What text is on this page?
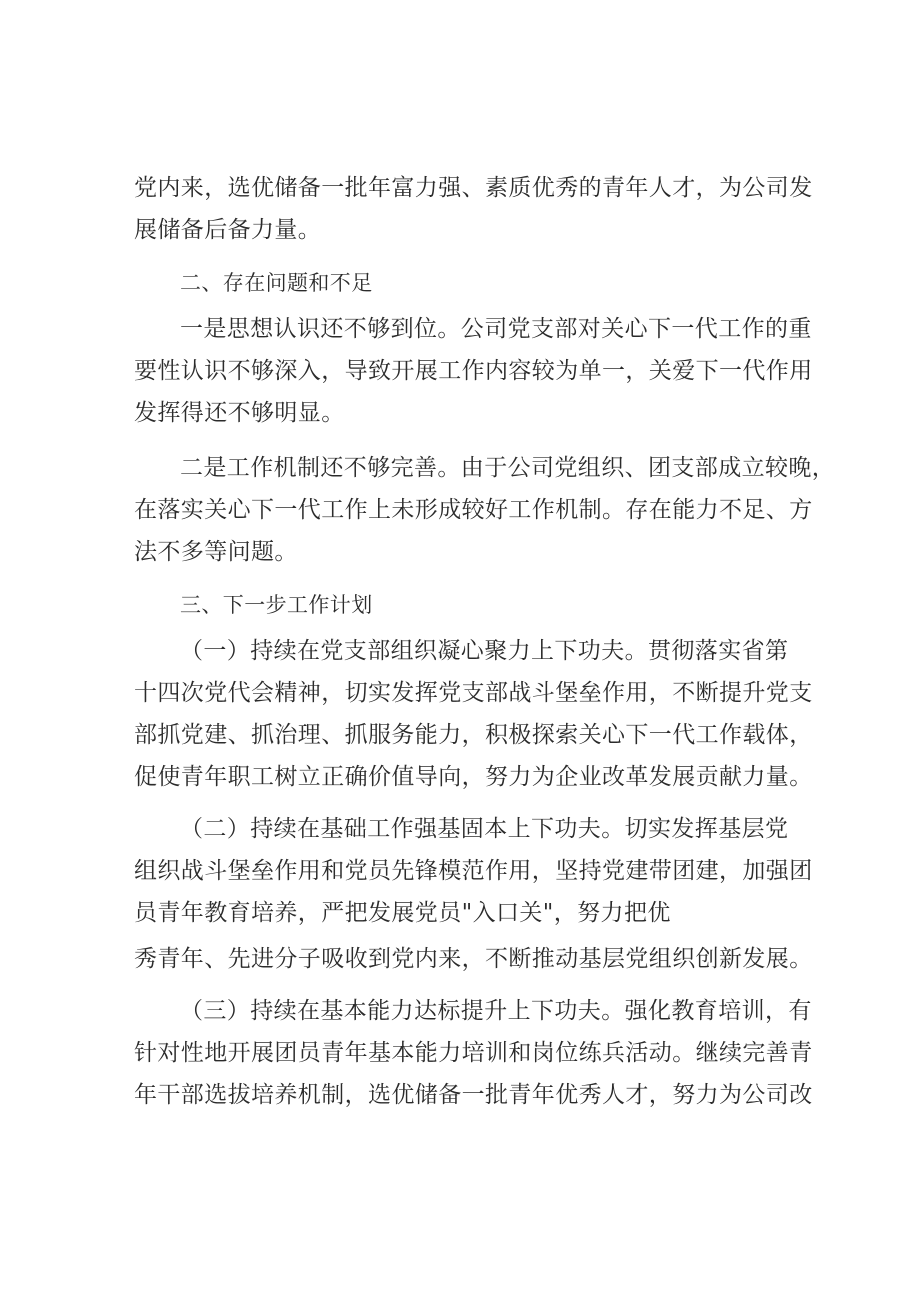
党内来，选优储备一批年富力强、素质优秀的青年人才，为公司发
展储备后备力量。
二、存在问题和不足
一是思想认识还不够到位。公司党支部对关心下一代工作的重
要性认识不够深入，导致开展工作内容较为单一，关爱下一代作用
发挥得还不够明显。
二是工作机制还不够完善。由于公司党组织、团支部成立较晚，
在落实关心下一代工作上未形成较好工作机制。存在能力不足、方
法不多等问题。
三、下一步工作计划
（一）持续在党支部组织凝心聚力上下功夫。贯彻落实省第
十四次党代会精神，切实发挥党支部战斗堡垒作用，不断提升党支
部抓党建、抓治理、抓服务能力，积极探索关心下一代工作载体，
促使青年职工树立正确价值导向，努力为企业改革发展贡献力量。
（二）持续在基础工作强基固本上下功夫。切实发挥基层党
组织战斗堡垒作用和党员先锋模范作用，坚持党建带团建，加强团
员青年教育培养，严把发展党员"入口关"，努力把优
秀青年、先进分子吸收到党内来，不断推动基层党组织创新发展。
（三）持续在基本能力达标提升上下功夫。强化教育培训，有
针对性地开展团员青年基本能力培训和岗位练兵活动。继续完善青
年干部选拔培养机制，选优储备一批青年优秀人才，努力为公司改
